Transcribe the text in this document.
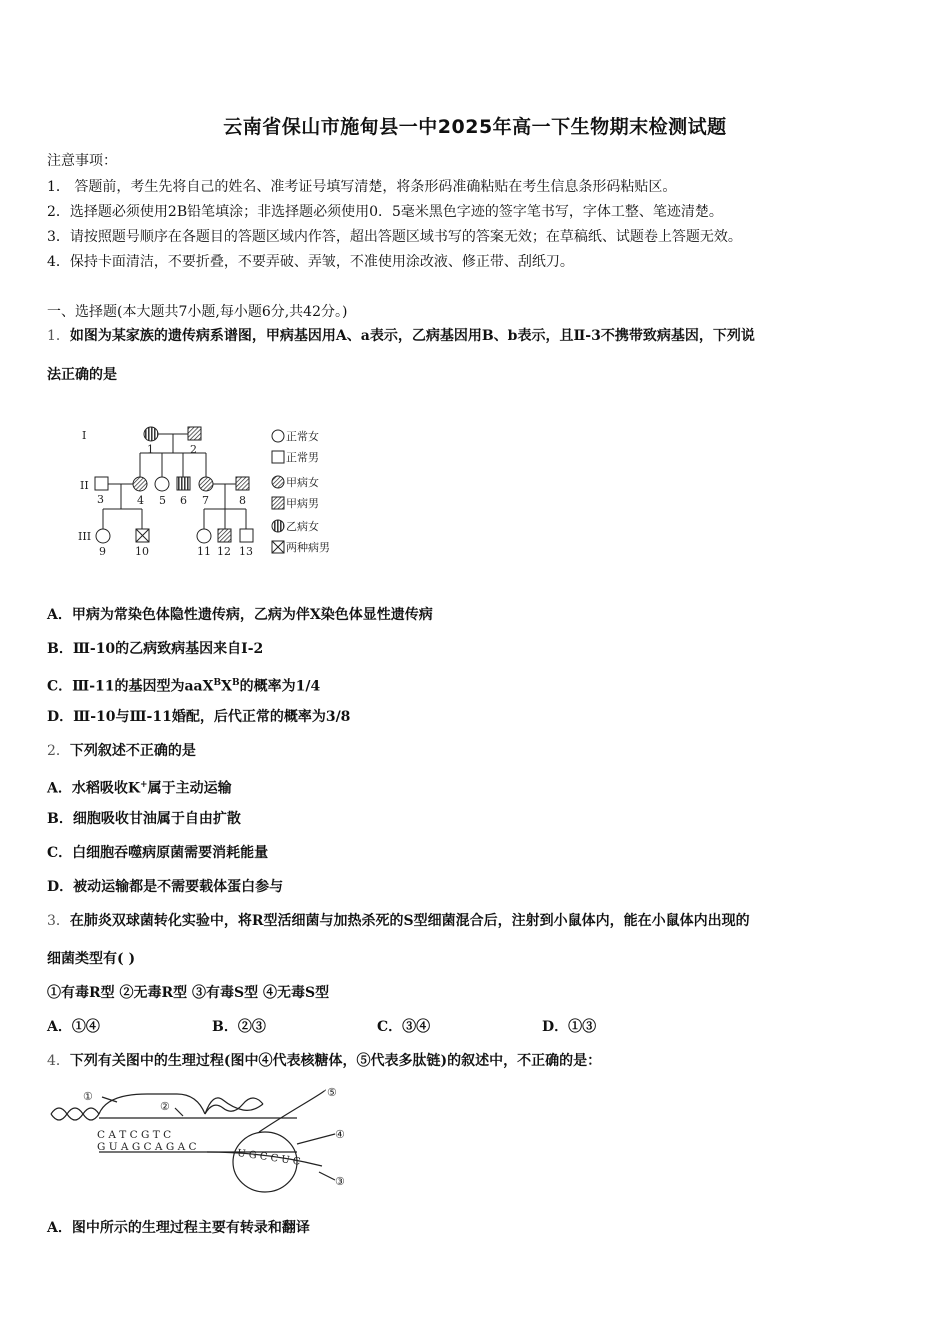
云南省保山市施甸县一中2025年高一下生物期末检测试题
注意事项：
1． 答题前，考生先将自己的姓名、准考证号填写清楚，将条形码准确粘贴在考生信息条形码粘贴区。
2．选择题必须使用2B铅笔填涂；非选择题必须使用0．5毫米黑色字迹的签字笔书写，字体工整、笔迹清楚。
3．请按照题号顺序在各题目的答题区域内作答，超出答题区域书写的答案无效；在草稿纸、试题卷上答题无效。
4．保持卡面清洁，不要折叠，不要弄破、弄皱，不准使用涂改液、修正带、刮纸刀。
一、选择题(本大题共7小题,每小题6分,共42分。)
1．如图为某家族的遗传病系谱图，甲病基因用A、a表示，乙病基因用B、b表示，且Ⅱ-3不携带致病基因，下列说
法正确的是
I
II
III
1	2
3	4 5 6 7	8
9	10	11 12 13
正常女
正常男
甲病女
甲病男
乙病女
两种病男
A．甲病为常染色体隐性遗传病，乙病为伴X染色体显性遗传病
B．Ⅲ-10的乙病致病基因来自I-2
C．Ⅲ-11的基因型为$aaX^BX^B$的概率为1/4
D．Ⅲ-10与Ⅲ-11婚配，后代正常的概率为3/8
2．下列叙述不正确的是
A．水稻吸收K+属于主动运输
B．细胞吸收甘油属于自由扩散
C．白细胞吞噬病原菌需要消耗能量
D．被动运输都是不需要载体蛋白参与
3．在肺炎双球菌转化实验中，将R型活细菌与加热杀死的S型细菌混合后，注射到小鼠体内，能在小鼠体内出现的
细菌类型有( )
①有毒R型 ②无毒R型 ③有毒S型 ④无毒S型
A．①④	B．②③	C．③④	D．①③
4．下列有关图中的生理过程(图中④代表核糖体，⑤代表多肽链)的叙述中，不正确的是：
①
②
⑤
④
③
C A T C G T C
G U A G C A G A C
U G C C U C
A．图中所示的生理过程主要有转录和翻译
